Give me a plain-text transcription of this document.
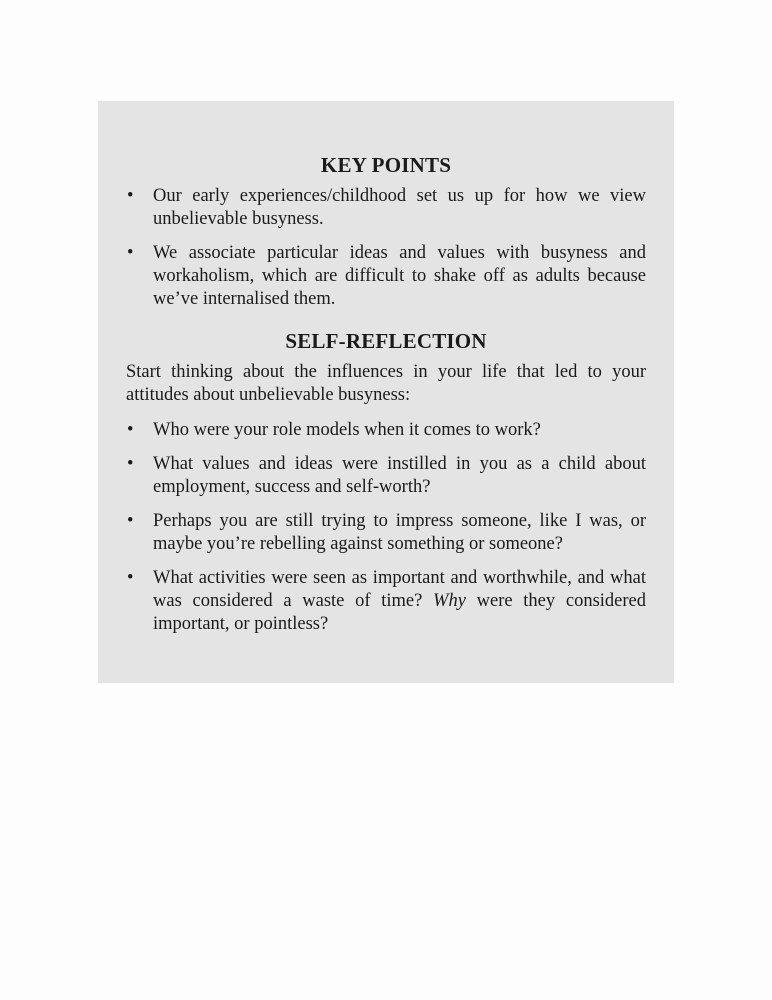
KEY POINTS
• Our early experiences/childhood set us up for how we view unbelievable busyness.
• We associate particular ideas and values with busyness and workaholism, which are difficult to shake off as adults because we’ve internalised them.
SELF-REFLECTION

Start thinking about the influences in your life that led to your attitudes about unbelievable busyness:

• Who were your role models when it comes to work?
• What values and ideas were instilled in you as a child about employment, success and self-worth?
• Perhaps you are still trying to impress someone, like I was, or maybe you’re rebelling against something or someone?
• What activities were seen as important and worthwhile, and what was considered a waste of time? Why were they considered important, or pointless?
